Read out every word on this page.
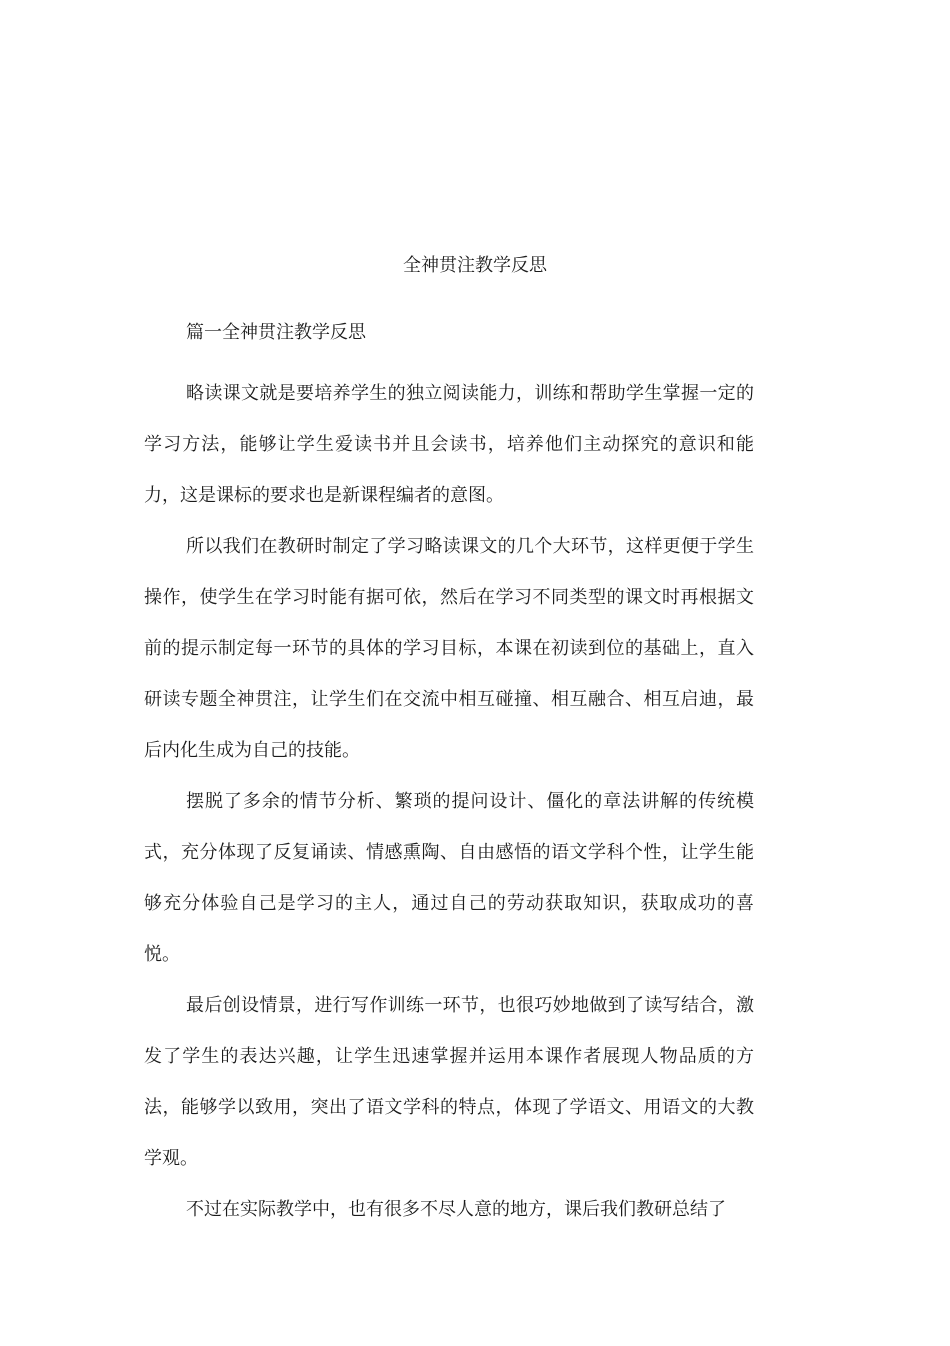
全神贯注教学反思
篇一全神贯注教学反思

略读课文就是要培养学生的独立阅读能力，训练和帮助学生掌握一定的学习方法，能够让学生爱读书并且会读书，培养他们主动探究的意识和能力，这是课标的要求也是新课程编者的意图。

所以我们在教研时制定了学习略读课文的几个大环节，这样更便于学生操作，使学生在学习时能有据可依，然后在学习不同类型的课文时再根据文前的提示制定每一环节的具体的学习目标，本课在初读到位的基础上，直入研读专题全神贯注，让学生们在交流中相互碰撞、相互融合、相互启迪，最后内化生成为自己的技能。

摆脱了多余的情节分析、繁琐的提问设计、僵化的章法讲解的传统模式，充分体现了反复诵读、情感熏陶、自由感悟的语文学科个性，让学生能够充分体验自己是学习的主人，通过自己的劳动获取知识，获取成功的喜悦。

最后创设情景，进行写作训练一环节，也很巧妙地做到了读写结合，激发了学生的表达兴趣，让学生迅速掌握并运用本课作者展现人物品质的方法，能够学以致用，突出了语文学科的特点，体现了学语文、用语文的大教学观。

不过在实际教学中，也有很多不尽人意的地方，课后我们教研总结了
